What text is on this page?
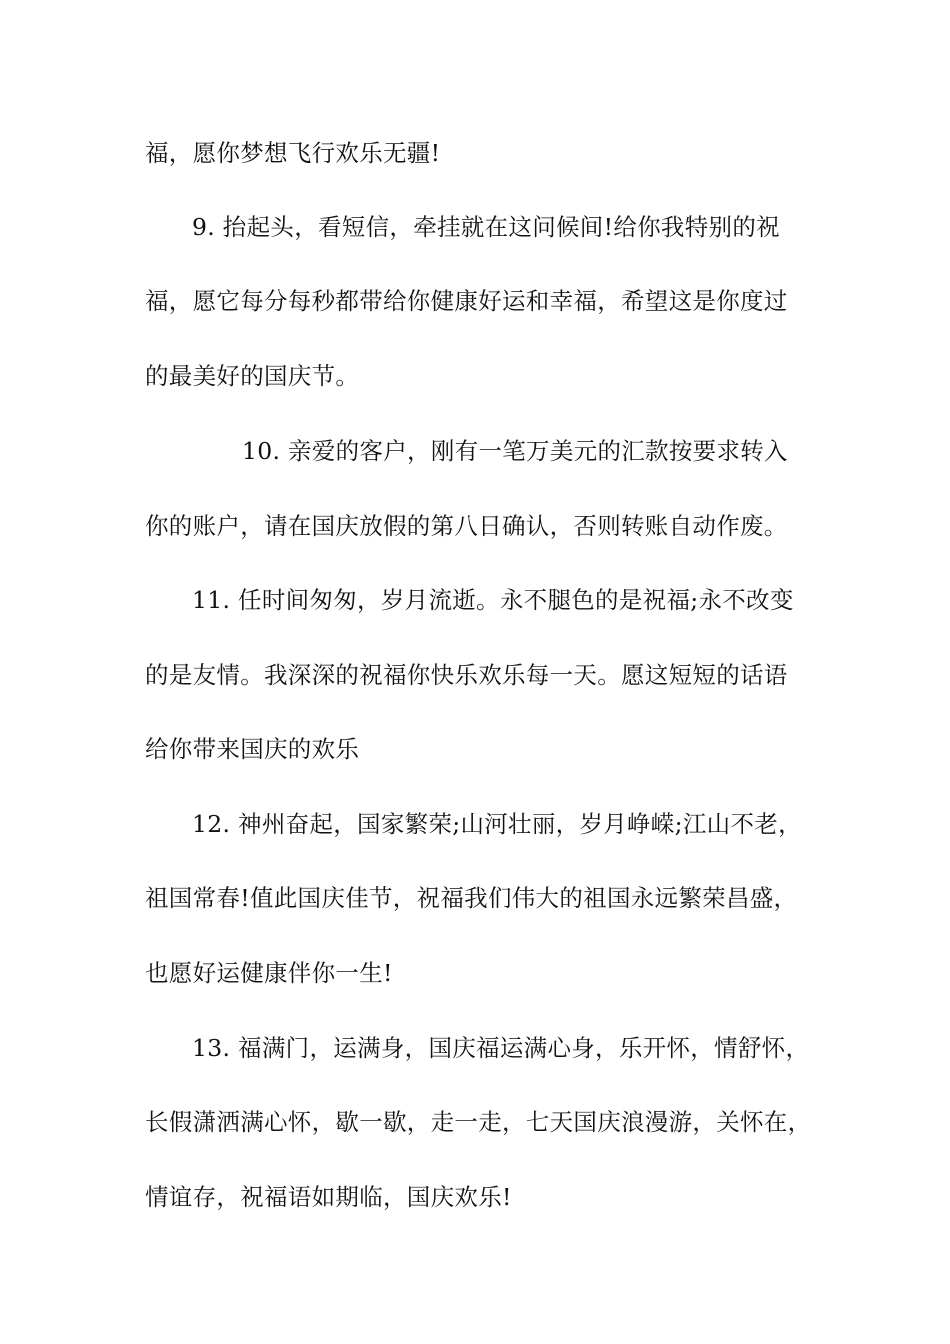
福，愿你梦想飞行欢乐无疆!
9. 抬起头，看短信，牵挂就在这问候间!给你我特别的祝
福，愿它每分每秒都带给你健康好运和幸福，希望这是你度过
的最美好的国庆节。
10. 亲爱的客户，刚有一笔万美元的汇款按要求转入
你的账户，请在国庆放假的第八日确认，否则转账自动作废。
11. 任时间匆匆，岁月流逝。永不腿色的是祝福;永不改变
的是友情。我深深的祝福你快乐欢乐每一天。愿这短短的话语
给你带来国庆的欢乐
12. 神州奋起，国家繁荣;山河壮丽，岁月峥嵘;江山不老，
祖国常春!值此国庆佳节，祝福我们伟大的祖国永远繁荣昌盛，
也愿好运健康伴你一生!
13. 福满门，运满身，国庆福运满心身，乐开怀，情舒怀，
长假潇洒满心怀，歇一歇，走一走，七天国庆浪漫游，关怀在，
情谊存，祝福语如期临，国庆欢乐!
